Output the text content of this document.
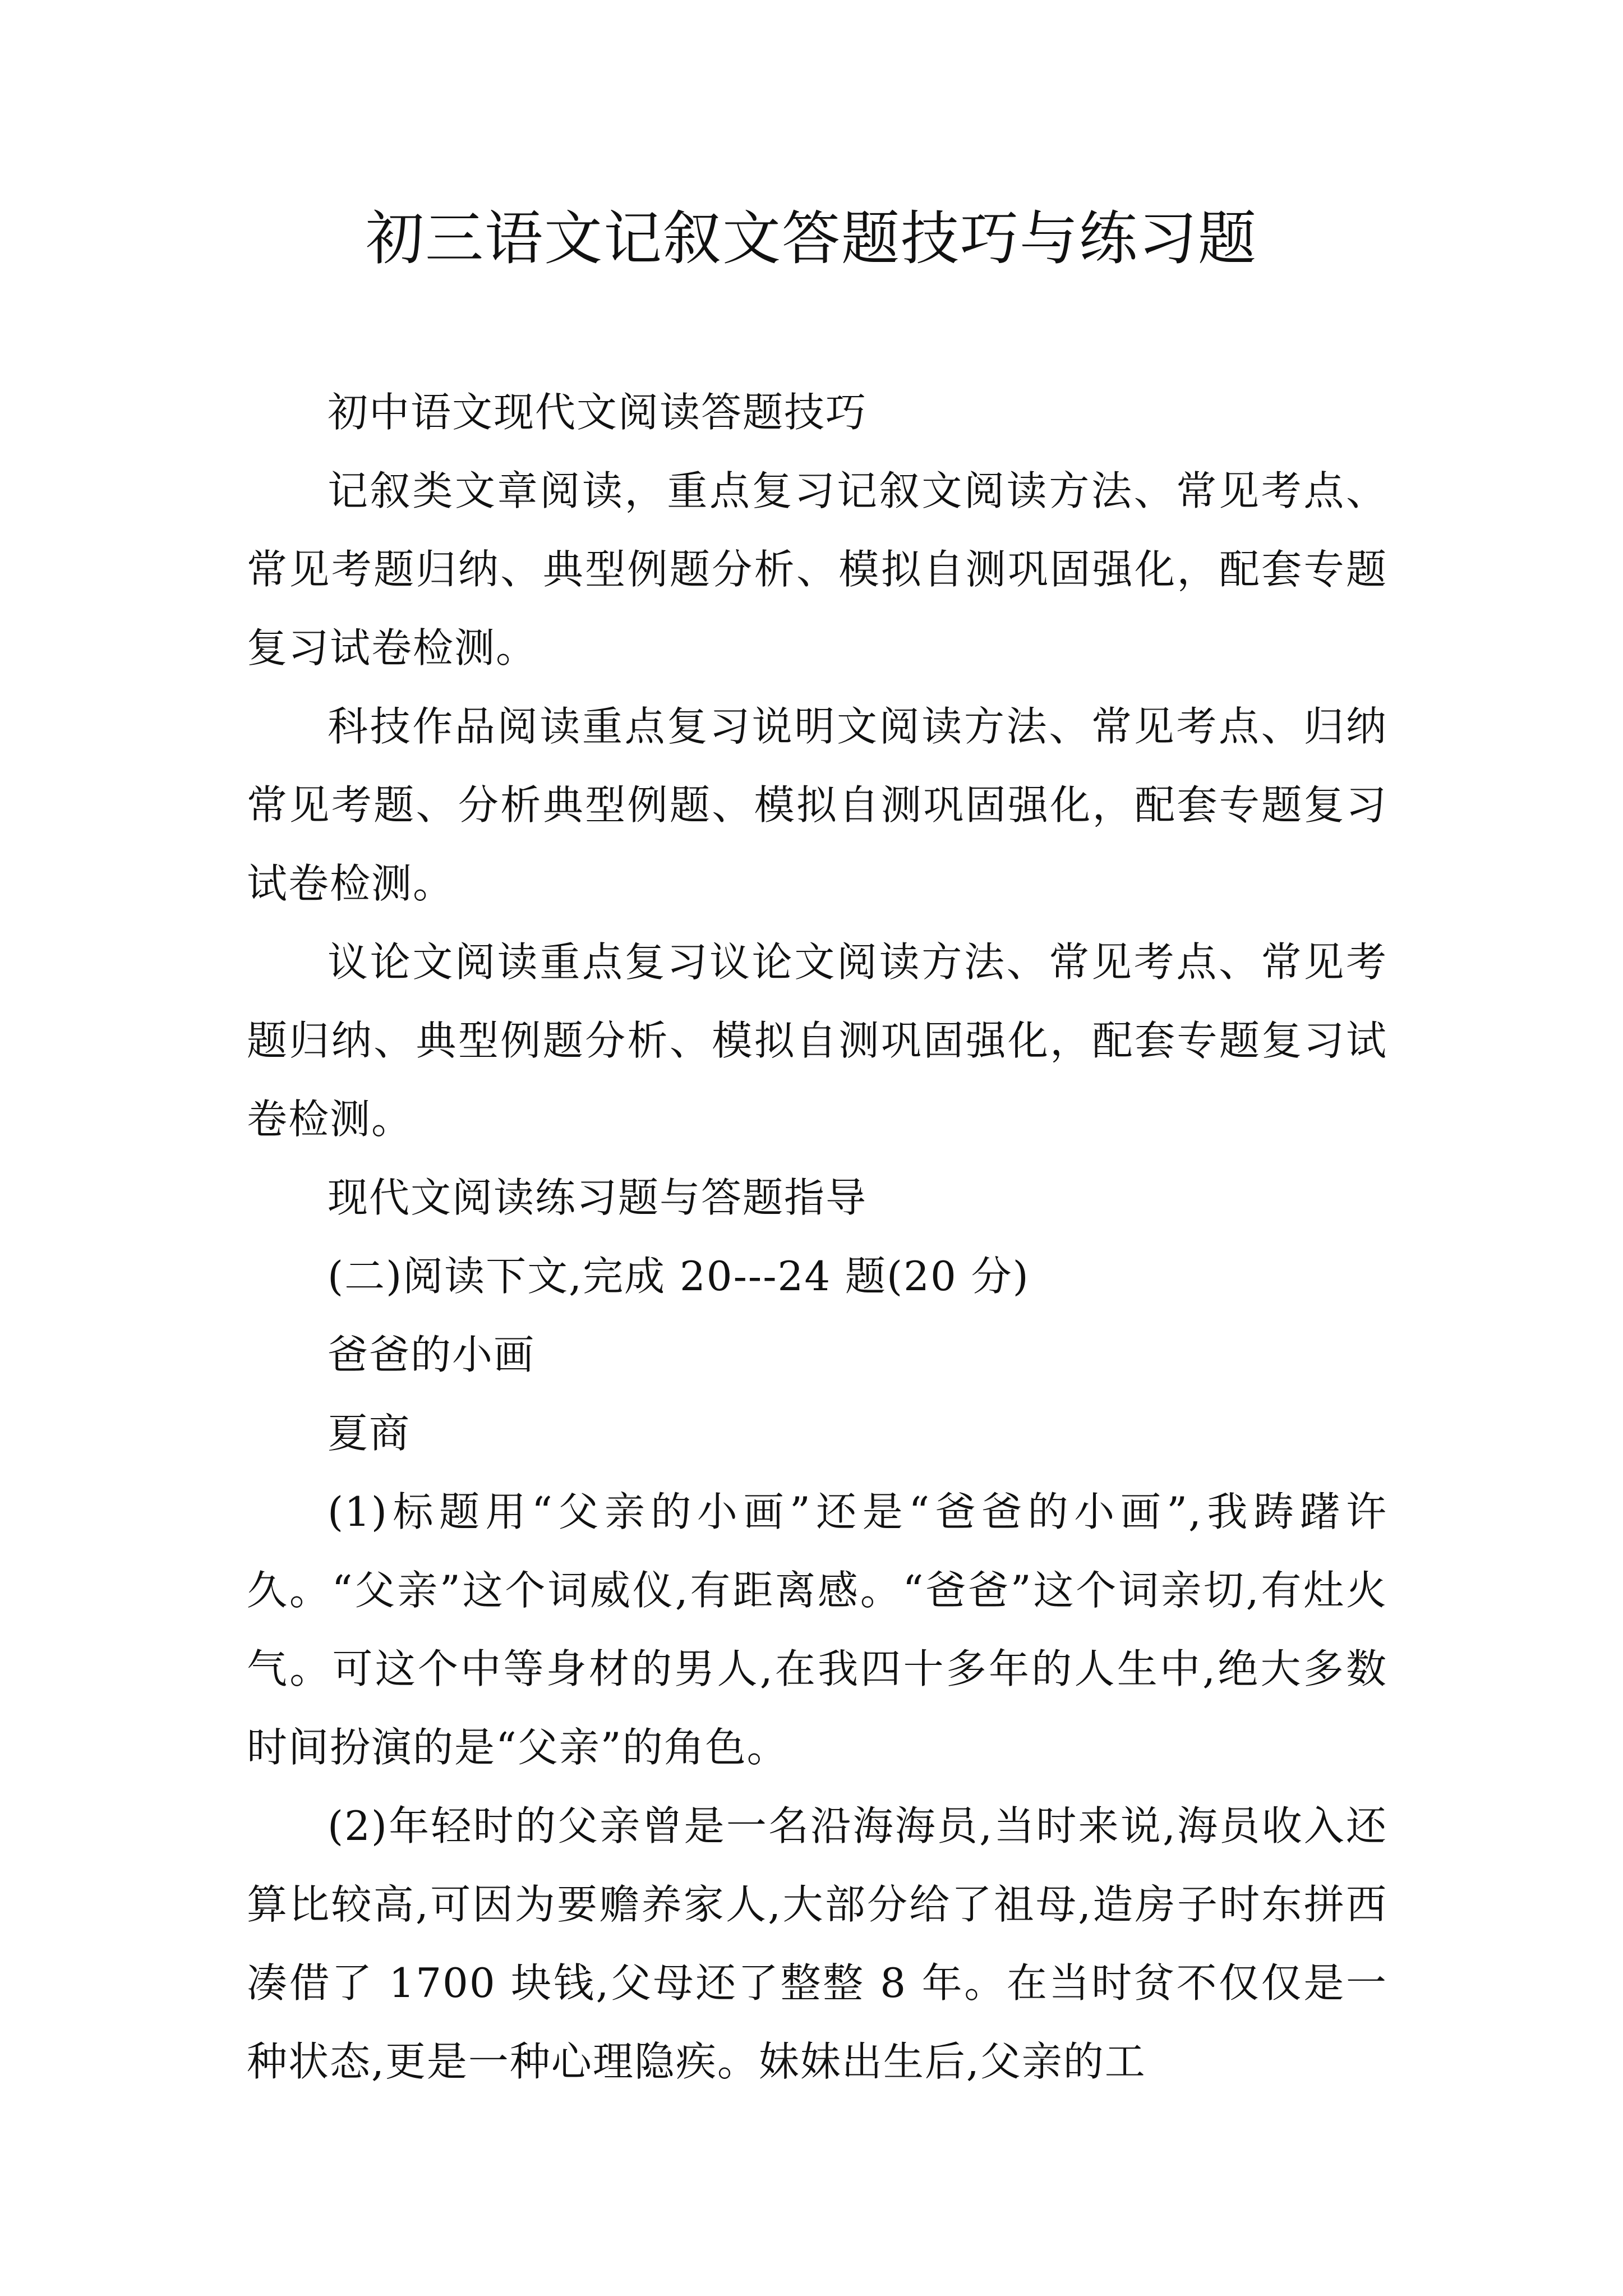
初三语文记叙文答题技巧与练习题

初中语文现代文阅读答题技巧

记叙类文章阅读，重点复习记叙文阅读方法、常见考点、常见考题归纳、典型例题分析、模拟自测巩固强化，配套专题复习试卷检测。

科技作品阅读重点复习说明文阅读方法、常见考点、归纳常见考题、分析典型例题、模拟自测巩固强化，配套专题复习试卷检测。

议论文阅读重点复习议论文阅读方法、常见考点、常见考题归纳、典型例题分析、模拟自测巩固强化，配套专题复习试卷检测。

现代文阅读练习题与答题指导

(二)阅读下文,完成 20---24 题(20 分)

爸爸的小画

夏商

(1)标题用“父亲的小画”还是“爸爸的小画”,我踌躇许久。“父亲”这个词威仪,有距离感。“爸爸”这个词亲切,有灶火气。可这个中等身材的男人,在我四十多年的人生中,绝大多数时间扮演的是“父亲”的角色。

(2)年轻时的父亲曾是一名沿海海员,当时来说,海员收入还算比较高,可因为要赡养家人,大部分给了祖母,造房子时东拼西凑借了 1700 块钱,父母还了整整 8 年。在当时贫不仅仅是一种状态,更是一种心理隐疾。妹妹出生后,父亲的工
